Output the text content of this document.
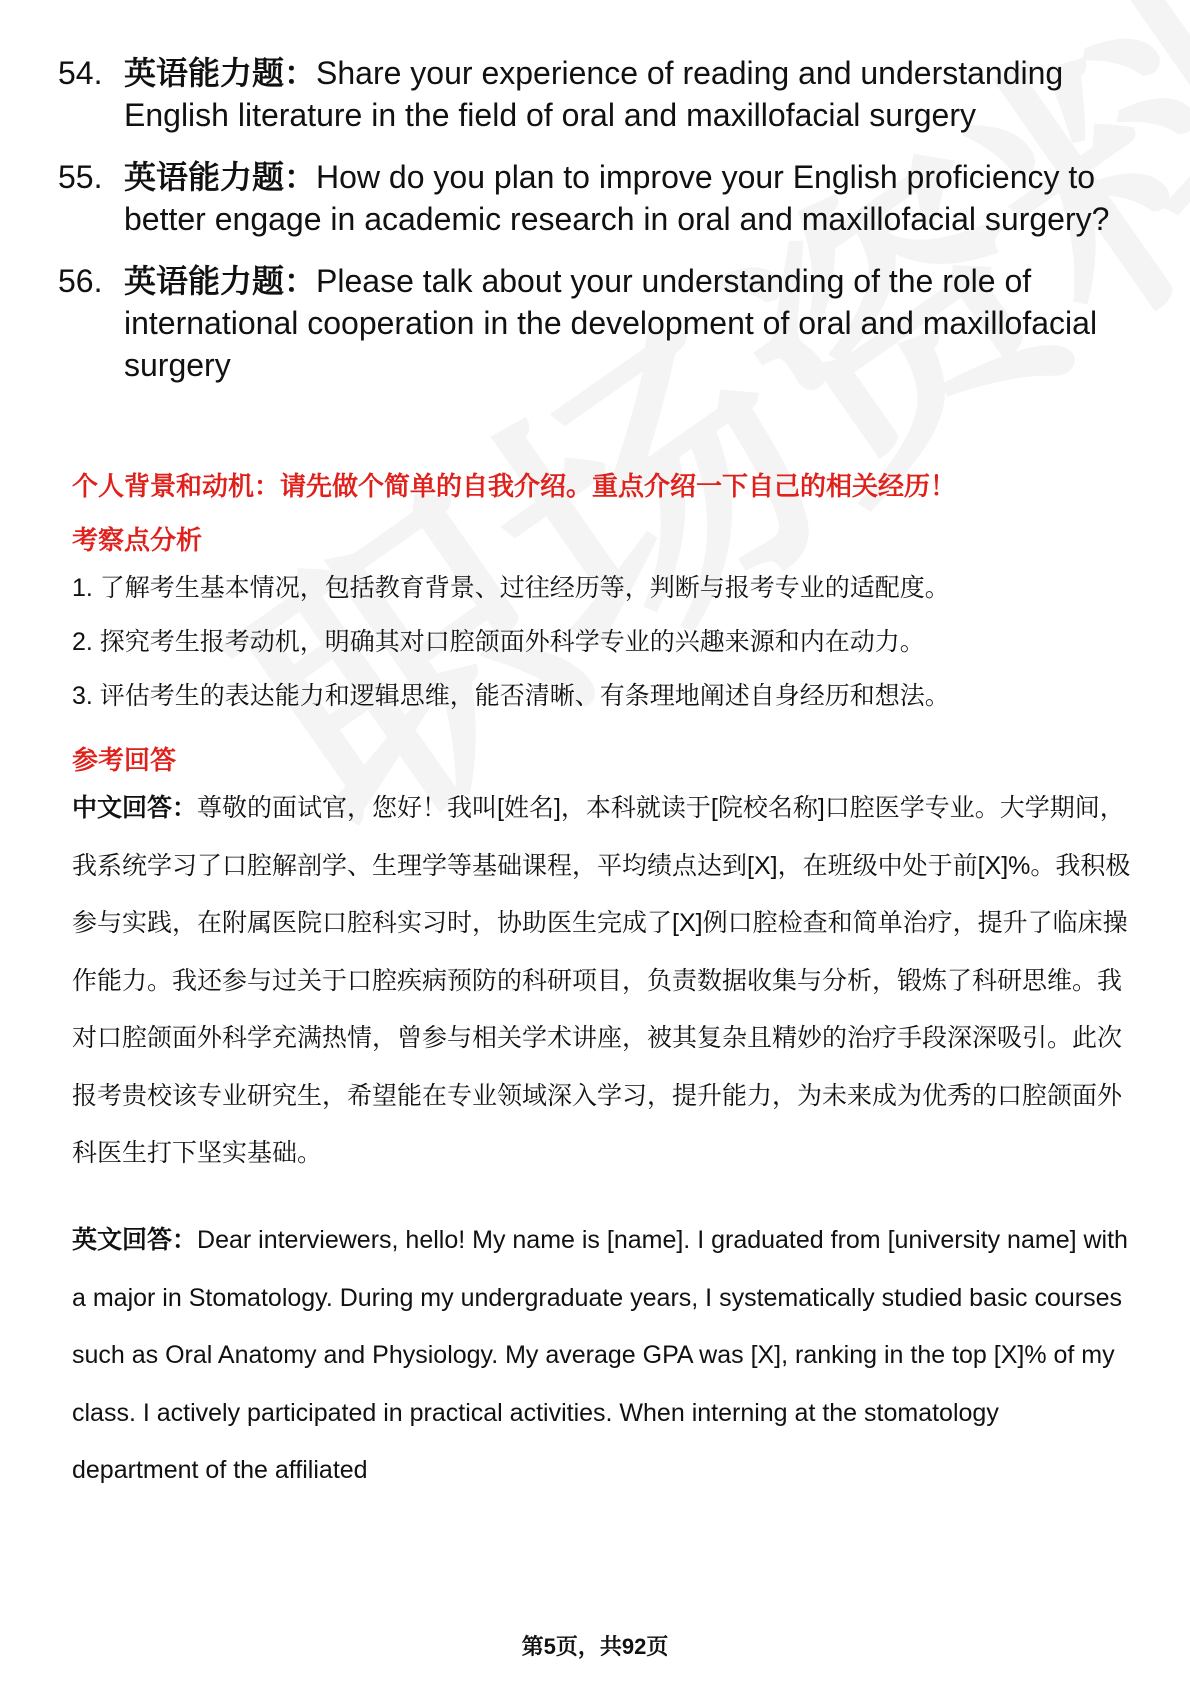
54. 英语能力题：Share your experience of reading and understanding English literature in the field of oral and maxillofacial surgery
55. 英语能力题：How do you plan to improve your English proficiency to better engage in academic research in oral and maxillofacial surgery?
56. 英语能力题：Please talk about your understanding of the role of international cooperation in the development of oral and maxillofacial surgery
个人背景和动机：请先做个简单的自我介绍。重点介绍一下自己的相关经历！
考察点分析
1. 了解考生基本情况，包括教育背景、过往经历等，判断与报考专业的适配度。
2. 探究考生报考动机，明确其对口腔颌面外科学专业的兴趣来源和内在动力。
3. 评估考生的表达能力和逻辑思维，能否清晰、有条理地阐述自身经历和想法。
参考回答
中文回答：尊敬的面试官，您好！我叫[姓名]，本科就读于[院校名称]口腔医学专业。大学期间，我系统学习了口腔解剖学、生理学等基础课程，平均绩点达到[X]，在班级中处于前[X]%。我积极参与实践，在附属医院口腔科实习时，协助医生完成了[X]例口腔检查和简单治疗，提升了临床操作能力。我还参与过关于口腔疾病预防的科研项目，负责数据收集与分析，锻炼了科研思维。我对口腔颌面外科学充满热情，曾参与相关学术讲座，被其复杂且精妙的治疗手段深深吸引。此次报考贵校该专业研究生，希望能在专业领域深入学习，提升能力，为未来成为优秀的口腔颌面外科医生打下坚实基础。
英文回答：Dear interviewers, hello! My name is [name]. I graduated from [university name] with a major in Stomatology. During my undergraduate years, I systematically studied basic courses such as Oral Anatomy and Physiology. My average GPA was [X], ranking in the top [X]% of my class. I actively participated in practical activities. When interning at the stomatology department of the affiliated
第5页，共92页
